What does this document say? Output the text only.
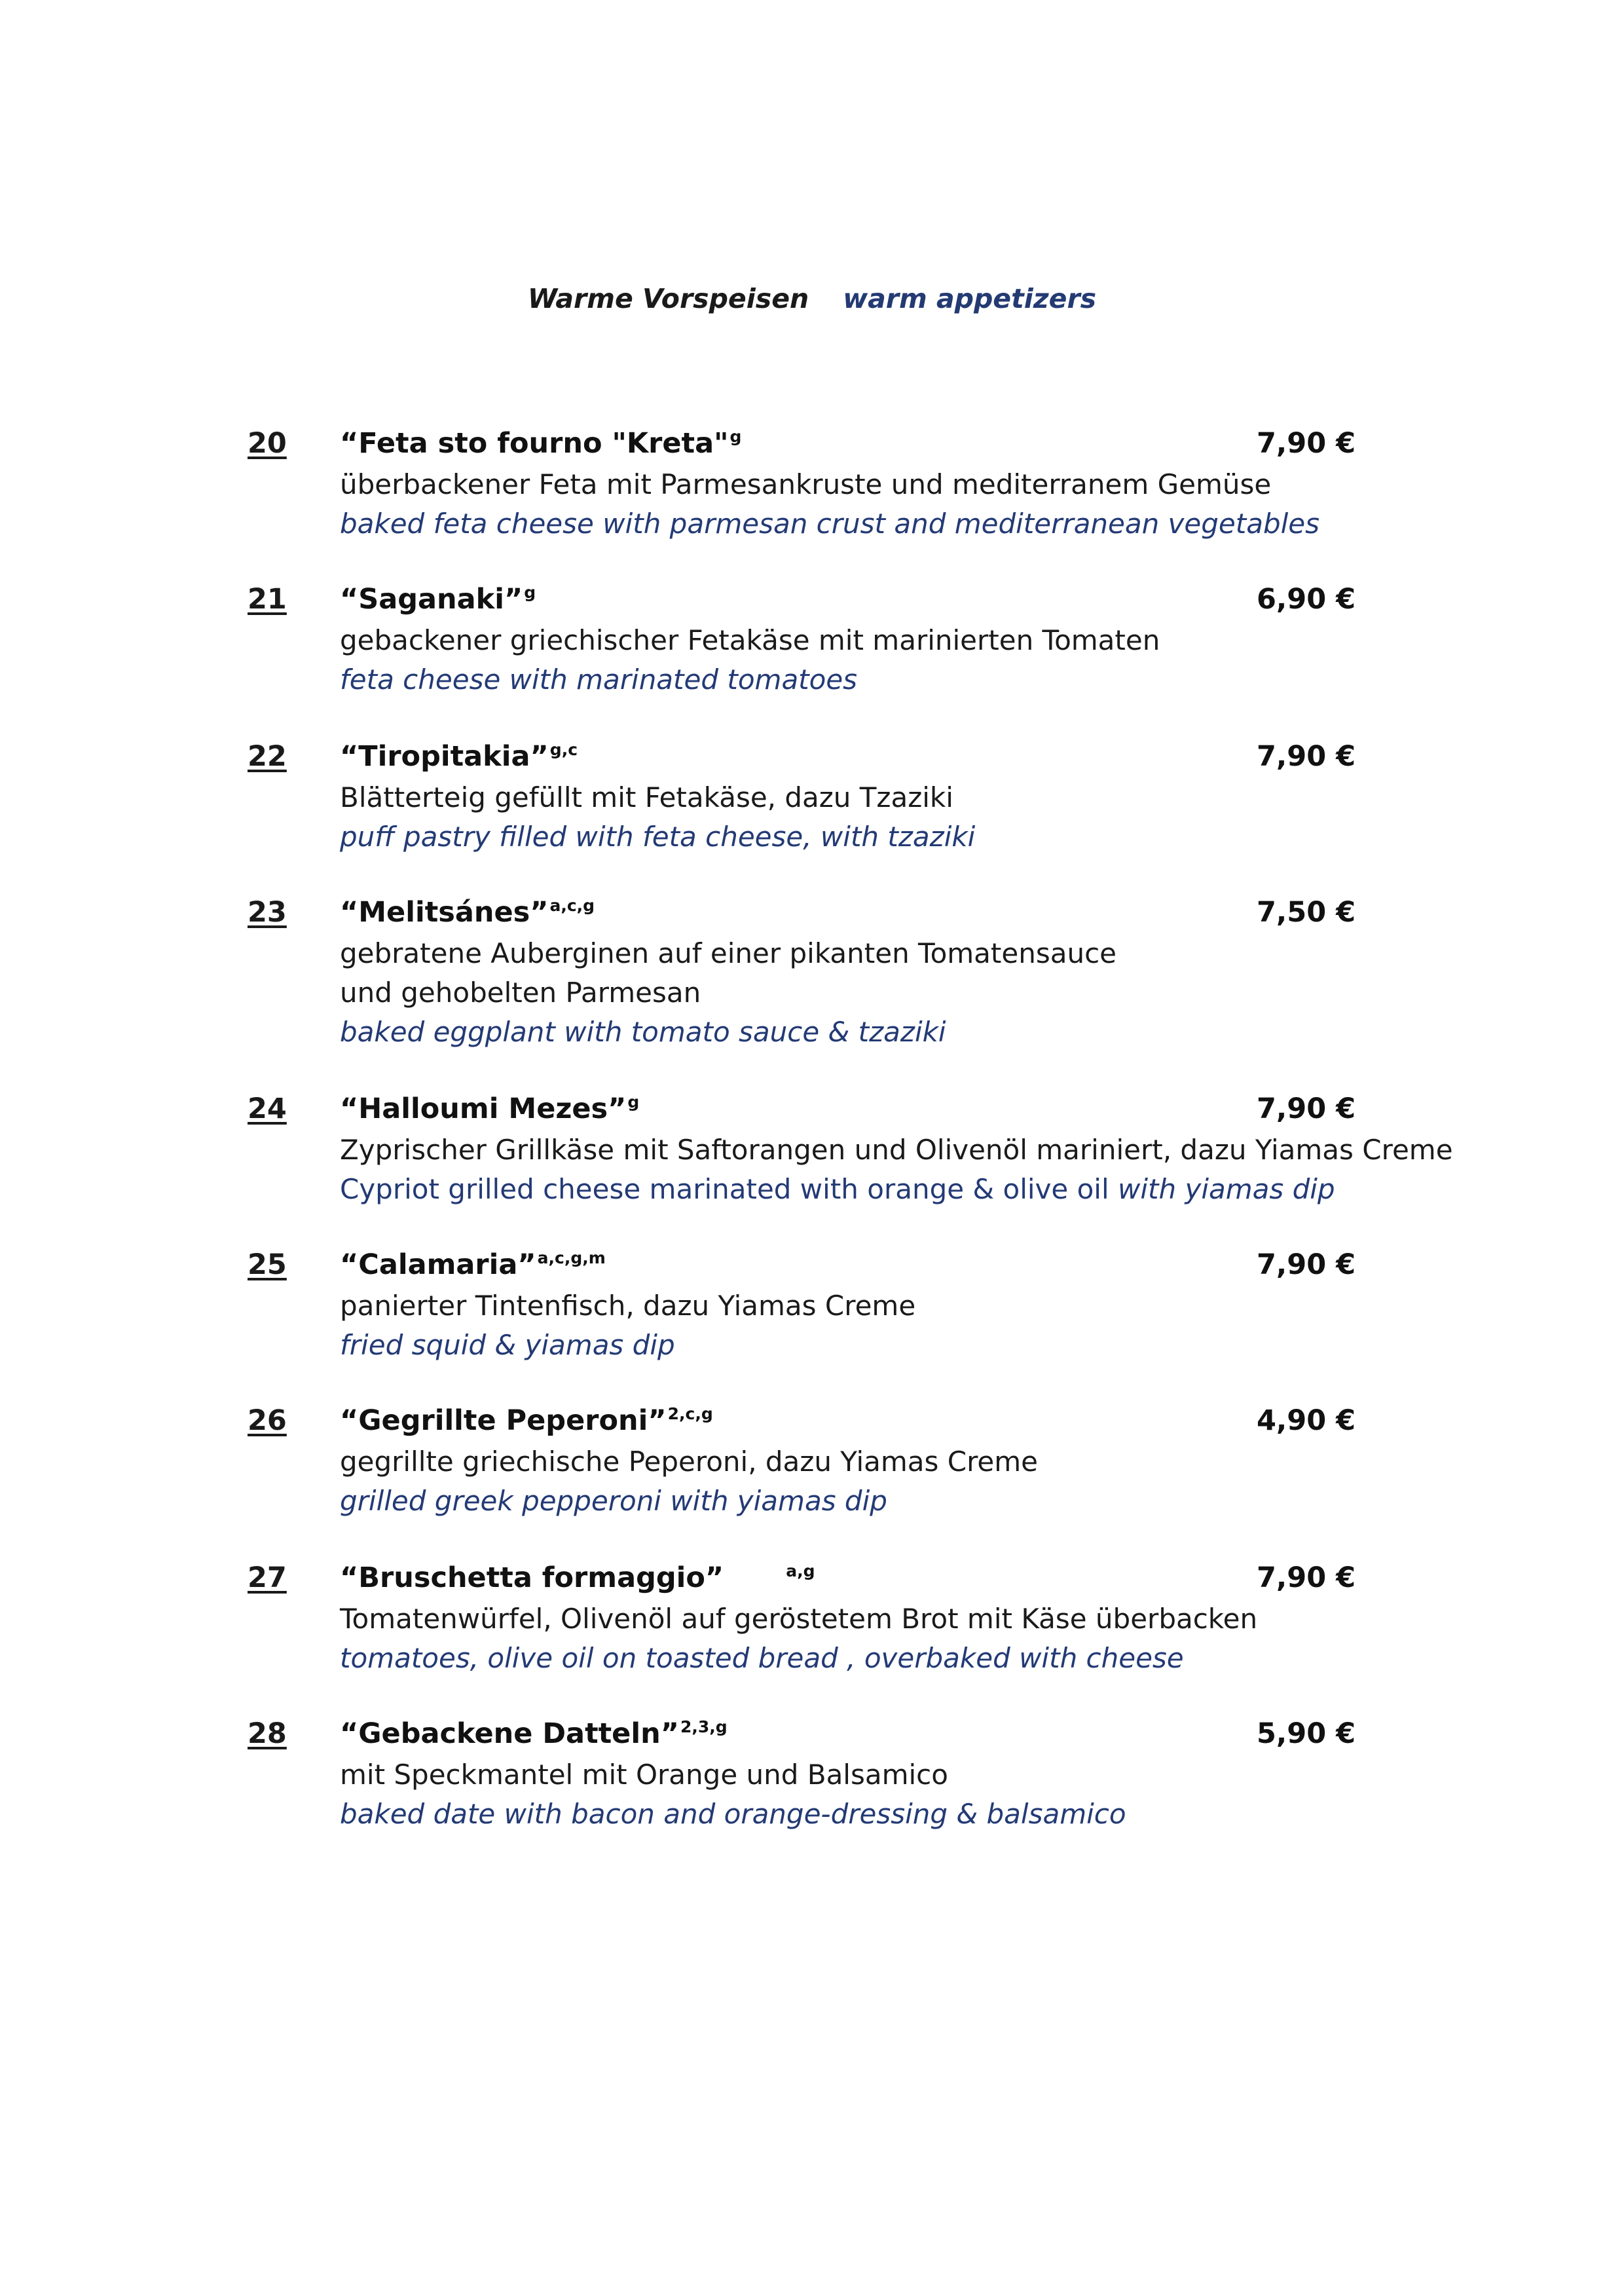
Warme Vorspeisen warm appetizers
20 “Feta sto fourno "Kreta"$^g$	7,90 €
überbackener Feta mit Parmesankruste und mediterranem Gemüse
baked feta cheese with parmesan crust and mediterranean vegetables
21 “Saganaki”$^g$	6,90 €
gebackener griechischer Fetakäse mit marinierten Tomaten
feta cheese with marinated tomatoes
22 “Tiropitakia”$^{g,c}$	7,90 €
Blätterteig gefüllt mit Fetakäse, dazu Tzaziki
puff pastry filled with feta cheese, with tzaziki
23 “Melitsánes”$^{a,c,g}$	7,50 €
gebratene Auberginen auf einer pikanten Tomatensauce
und gehobelten Parmesan
baked eggplant with tomato sauce & tzaziki
24 “Halloumi Mezes”$^g$	7,90 €
Zyprischer Grillkäse mit Saftorangen und Olivenöl mariniert, dazu Yiamas Creme
Cypriot grilled cheese marinated with orange & olive oil with yiamas dip
25 “Calamaria”$^{a,c,g,m}$	7,90 €
panierter Tintenfisch, dazu Yiamas Creme
fried squid & yiamas dip
26 “Gegrillte Peperoni”$^{2,c,g}$	4,90 €
gegrillte griechische Peperoni, dazu Yiamas Creme
grilled greek pepperoni with yiamas dip
27 “Bruschetta formaggio”	$^{a,g}$	7,90 €
Tomatenwürfel, Olivenöl auf geröstetem Brot mit Käse überbacken
tomatoes, olive oil on toasted bread , overbaked with cheese
28 “Gebackene Datteln”$^{2,3,g}$	5,90 €
mit Speckmantel mit Orange und Balsamico
baked date with bacon and orange-dressing & balsamico
